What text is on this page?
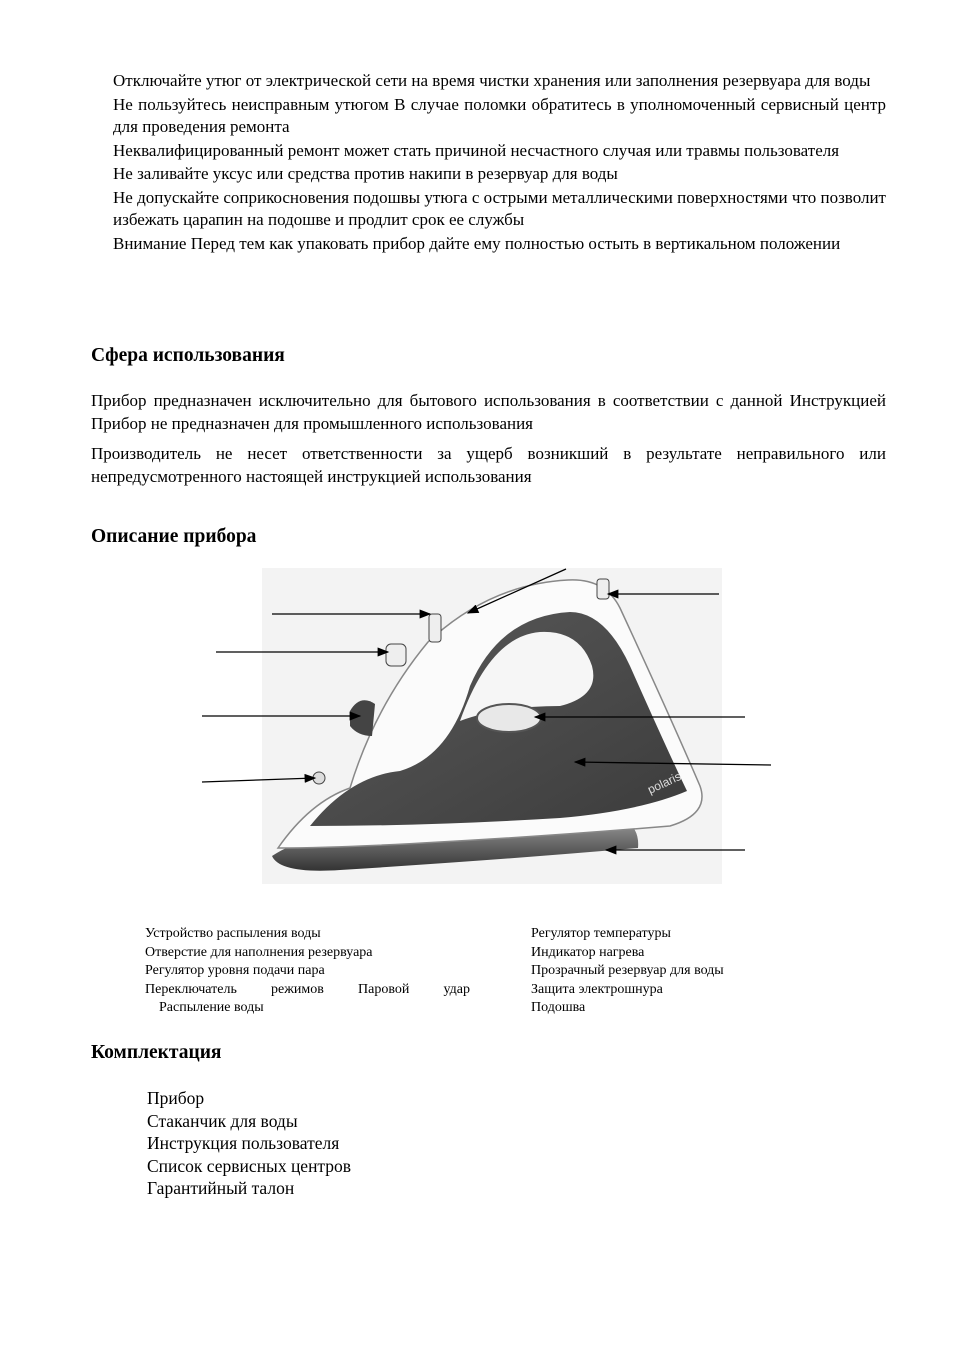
Отключайте утюг от электрической сети на время чистки хранения или заполнения резервуара для воды
Не пользуйтесь неисправным утюгом В случае поломки обратитесь в уполномоченный сервисный центр для проведения ремонта
Неквалифицированный ремонт может стать причиной несчастного случая или травмы пользователя
Не заливайте уксус или средства против накипи в резервуар для воды
Не допускайте соприкосновения подошвы утюга с острыми металлическими поверхностями что позволит избежать царапин на подошве и продлит срок ее службы
Внимание Перед тем как упаковать прибор дайте ему полностью остыть в вертикальном положении
Сфера использования
Прибор предназначен исключительно для бытового использования в соответствии с данной Инструкцией Прибор не предназначен для промышленного использования
Производитель не несет ответственности за ущерб возникший в результате неправильного или непредусмотренного настоящей инструкцией использования
Описание прибора
polaris
Устройство распыления воды
Отверстие для наполнения резервуара
Регулятор уровня подачи пара
Переключатель режимов Паровой удар
Распыление воды
Регулятор температуры
Индикатор нагрева
Прозрачный резервуар для воды
Защита электрошнура
Подошва
Комплектация
Прибор
Стаканчик для воды
Инструкция пользователя
Список сервисных центров
Гарантийный талон
